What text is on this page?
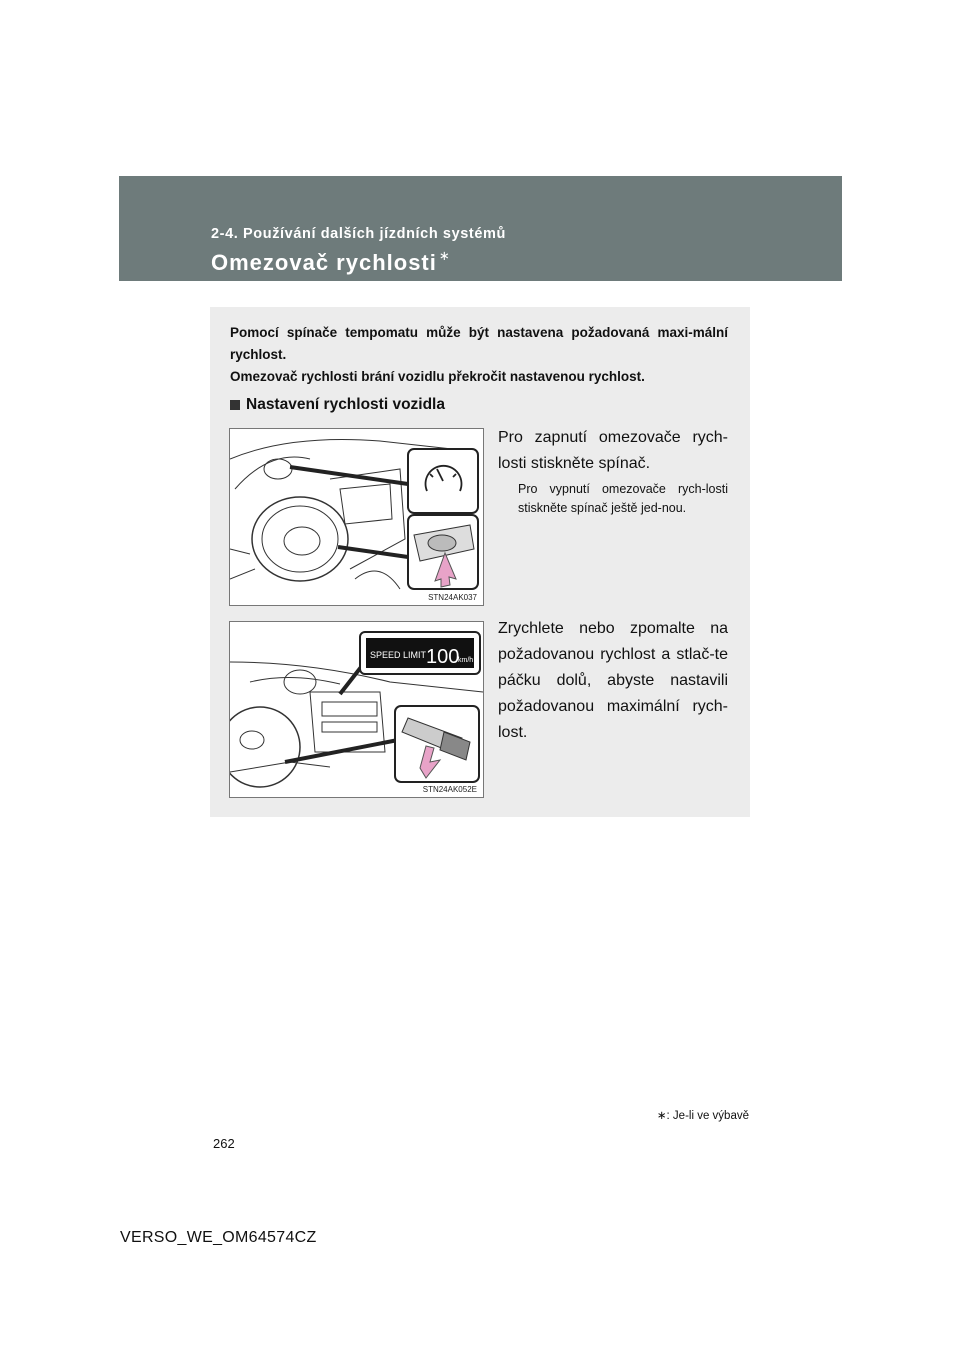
2-4. Používání dalších jízdních systémů
Omezovač rychlosti ∗

Pomocí spínače tempomatu může být nastavena požadovaná maxi-mální rychlost.

Omezovač rychlosti brání vozidlu překročit nastavenou rychlost.

Nastavení rychlosti vozidla
STN24AK037
Pro zapnutí omezovače rych-losti stiskněte spínač.
Pro vypnutí omezovače rych-losti stiskněte spínač ještě jed-nou.
SPEED LIMIT 100
km/h
STN24AK052E
Zrychlete nebo zpomalte na požadovanou rychlost a stlač-te páčku dolů, abyste nastavili požadovanou maximální rych-lost.
∗: Je-li ve výbavě
262
VERSO_WE_OM64574CZ
